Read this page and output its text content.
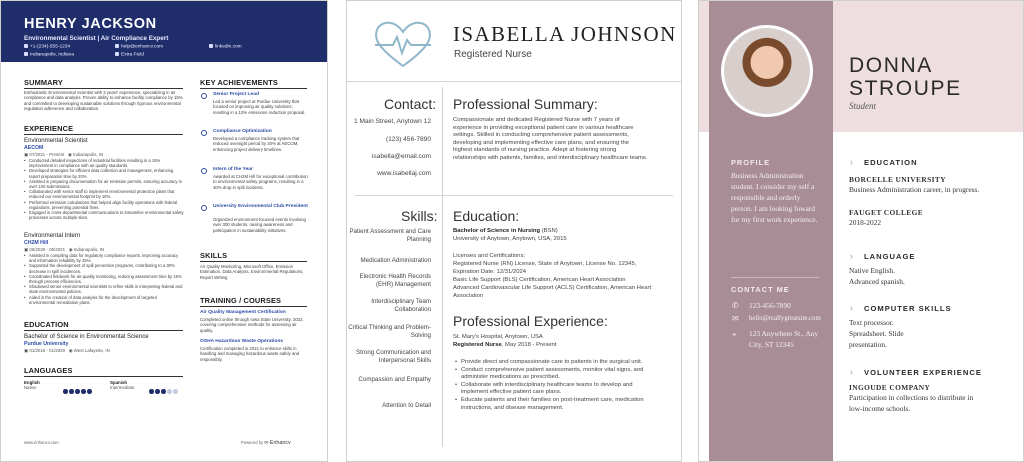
HENRY JACKSON
Environmental Scientist | Air Compliance Expert
+1-(234)-555-1234	help@enhancv.com	linkedin.com
Indianapolis, Indiana	Extra Field
SUMMARY
Enthusiastic Environmental Scientist with 3 years' experience, specializing in air compliance and data analysis. Proven ability to enhance facility compliance by 15% and committed to developing sustainable solutions through rigorous environmental regulation adherence and collaboration.
EXPERIENCE
Environmental Scientist
AECOM
▣ 07/2021 - Present   ◉ Indianapolis, IN
• Conducted detailed inspections of industrial facilities resulting in a 15% improvement in compliance with air quality standards.
• Developed strategies for efficient data collection and management, enhancing report preparation time by 20%.
• Assisted in preparing documentation for air emission permits, ensuring accuracy in over 100 submissions.
• Collaborated with senior staff to implement environmental protection plans that reduced our environmental footprint by 10%.
• Performed emission calculations that helped align facility operations with federal regulations, preventing potential fines.
• Engaged in cross-departmental communications to streamline environmental safety processes across multiple sites.
Environmental Intern
CH2M Hill
▣ 06/2020 - 05/2021   ◉ Indianapolis, IN
• Assisted in compiling data for regulatory compliance reports, improving accuracy and information reliability by 25%.
• Supported the development of spill prevention programs, contributing to a 30% decrease in spill incidences.
• Coordinated fieldwork for air-quality monitoring, reducing assessment time by 15% through process efficiencies.
• Shadowed senior environmental scientists to refine skills in interpreting federal and state environmental policies.
• Aided in the creation of data analysis for the development of targeted environmental remediation plans.
EDUCATION
Bachelor of Science in Environmental Science
Purdue University
▣ 01/2016 - 01/2020   ◉ West Lafayette, IN
LANGUAGES
English
Native
Spanish
Intermediate
KEY ACHIEVEMENTS
Senior Project Lead
Led a senior project at Purdue University that focused on improving air quality solutions, resulting in a 10% emissions reduction proposal.
Compliance Optimization
Developed a compliance tracking system that reduced oversight period by 20% at AECOM, enhancing project delivery timelines.
Intern of the Year
Awarded at CH2M Hill for exceptional contribution to environmental safety programs, resulting in a 30% drop in spill incidents.
University Environmental Club President
Organized environment-focused events involving over 300 students, raising awareness and participation in sustainability initiatives.
SKILLS
Air Quality Monitoring, Microsoft Office, Emission Estimation, Data Analysis, Environmental Regulations, Report Writing
TRAINING / COURSES
Air Quality Management Certification
Completed online through Iowa State University, 2022, covering comprehensive methods for assessing air quality.
OSHA Hazardous Waste Operations
Certification completed in 2021 to enhance skills in handling and managing hazardous waste safely and responsibly.
www.enhancv.com	Powered by ∞ Enhancv
ISABELLA JOHNSON
Registered Nurse
Contact:
1 Main Street, Anytown 12
(123) 456-7890
isabella@email.com
www.isabellaj.com
Professional Summary:
Compassionate and dedicated Registered Nurse with 7 years of experience in providing exceptional patient care in various healthcare settings. Skilled in conducting comprehensive patient assessments, developing and implementing effective care plans, and ensuring the highest standards of nursing practice. Adept at fostering strong relationships with patients, families, and interdisciplinary healthcare teams.
Skills:
Patient Assessment and Care Planning
Medication Administration
Electronic Health Records (EHR) Management
Interdisciplinary Team Collaboration
Critical Thinking and Problem-Solving
Strong Communication and Interpersonal Skills
Compassion and Empathy
Attention to Detail
Education:
Bachelor of Science in Nursing (BSN)
University of Anytown, Anytown, USA, 2015
Licenses and Certifications:
Registered Nurse (RN) License, State of Anytown, License No. 12345, Expiration Date: 12/31/2024
Basic Life Support (BLS) Certification, American Heart Association
Advanced Cardiovascular Life Support (ACLS) Certification, American Heart Association
Professional Experience:
St. Mary's Hospital, Anytown, USA
Registered Nurse, May 2018 - Present
• Provide direct and compassionate care to patients in the surgical unit.
• Conduct comprehensive patient assessments, monitor vital signs, and administer medications as prescribed.
• Collaborate with interdisciplinary healthcare teams to develop and implement effective patient care plans.
• Educate patients and their families on post-treatment care, medication instructions, and disease management.
DONNA
STROUPE
Student
PROFILE
Business Administration student. I consider my self a responsible and orderly person. I am looking foward for my first work experience.
CONTACT ME
✆ 123-456-7890
✉ hello@reallygreatsite.com
⌖	123 Anywhere St., Any City, ST 12345
EDUCATION
BORCELLE UNIVERSITY
Business Administration career, in progress.
FAUGET COLLEGE
2018-2022
LANGUAGE
Native English. Advanced spanish.
COMPUTER SKILLS
Text processor. Spreadsheet. Slide presentation.
VOLUNTEER EXPERIENCE
INGOUDE COMPANY
Participation in collections to distribute in low-income schools.
